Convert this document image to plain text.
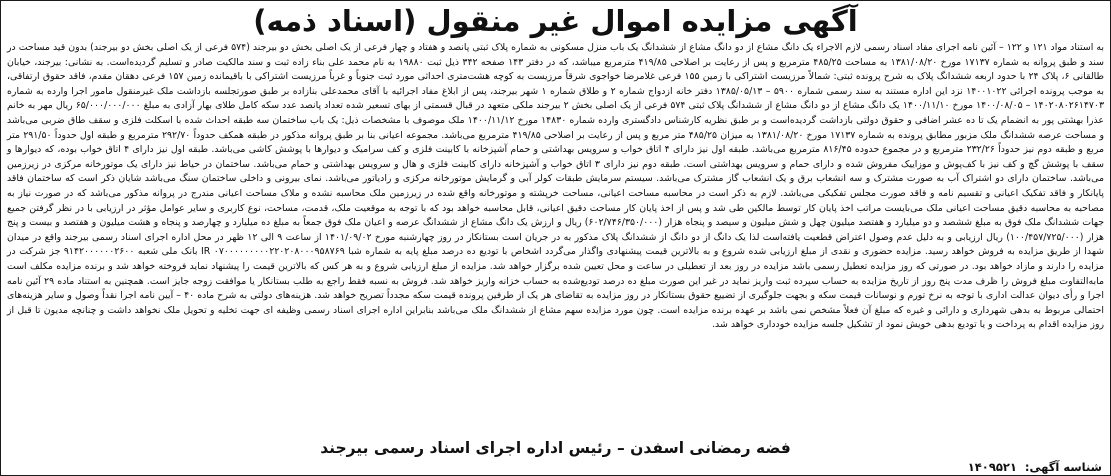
آگهی مزایده اموال غیر منقول (اسناد ذمه)

به استناد مواد ۱۲۱ و ۱۲۲ – آئین نامه اجرای مفاد اسناد رسمی لازم الاجراء یک دانگ مشاع از دو دانگ مشاع از ششدانگ یک باب منزل مسکونی به شماره پلاک ثبتی پانصد و هفتاد و چهار فرعی از یک اصلی بخش دو بیرجند (۵۷۴ فرعی از یک اصلی بخش دو بیرجند) بدون قید مساحت در سند و طبق پروانه به شماره ۱۷۱۳۷ مورخ ۱۳۸۱/۰۸/۲۰ به مساحت ۴۸۵/۲۵ مترمربع و پس از رعایت بر اصلاحی ۴۱۹/۸۵ مترمربع میباشد، که در دفتر ۱۴۳ صفحه ۳۴۲ ذیل ثبت ۱۹۸۸۰ به نام محمد علی بناء زاده ثبت و سند مالکیت صادر و تسلیم گردیده‌است. به نشانی: بیرجند، خیابان طالقانی ۶، پلاک ۲۴ با حدود اربعه ششدانگ پلاک به شرح پرونده ثبتی: شمالاً مرزیست اشتراکی با زمین ۱۵۵ فرعی غلامرضا خواجوی شرقاً مرزیست به کوچه هشت‌متری احداثی مورد ثبت جنوباً و غرباً مرزیست اشتراکی با باقیمانده زمین ۱۵۷ فرعی دهقان مقدم، فاقد حقوق ارتفاقی، به موجب پرونده اجرائی ۱۴۰۰۱۰۲۲ نزد این اداره مستند به سند رسمی شماره ۵۹۰۰ – ۱۳۸۵/۰۵/۱۳ دفتر خانه ازدواج شماره ۲ و طلاق شماره ۱ شهر بیرجند، پس از ابلاغ مفاد اجرائیه با آقای محمدعلی بنازاده بر طبق صورتجلسه بازداشت ملک غیرمنقول مامور اجرا وارده به شماره ۱۴۰۲۰۸۰۲۶۱۴۷۰۳ – ۱۴۰۰/۰۸/۰۵ مورخ ۱۴۰۰/۱۱/۱۰ یک دانگ مشاع از دو دانگ مشاع از ششدانگ پلاک ثبتی ۵۷۴ فرعی از یک اصلی بخش ۲ بیرجند ملکی متعهد در قبال قسمتی از بهای تسعیر شده تعداد پانصد عدد سکه کامل طلای بهار آزادی به مبلغ ۶۵/۰۰۰/۰۰۰/۰۰۰ ریال مهر به خانم عذرا بهشتی پور به انضمام یک تا ده عشر اضافی و حقوق دولتی بازداشت گردیده‌است و بر طبق نظریه کارشناس دادگستری وارده شماره ۱۴۸۳۰ مورخ ۱۴۰۰/۱۱/۱۲ ملک موصوف با مشخصات ذیل: یک باب ساختمان سه طبقه احداث شده با اسکلت فلزی و سقف طاق ضربی می‌باشد و مساحت عرصه ششدانگ ملک مزبور مطابق پرونده به شماره ۱۷۱۳۷ مورخ ۱۳۸۱/۰۸/۲۰ به میزان ۴۸۵/۲۵ متر مربع و پس از رعایت بر اصلاحی ۴۱۹/۸۵ مترمربع می‌باشد. مجموعه اعیانی بنا بر طبق پروانه مذکور در طبقه همکف حدوداً ۲۹۲/۷۰ مترمربع و طبقه اول حدوداً ۲۹۱/۵۰ متر مربع و طبقه دوم نیز حدوداً ۲۳۲/۲۶ مترمربع و در مجموع حدوده ۸۱۶/۴۵ مترمربع می‌باشد. طبقه اول نیز دارای ۴ اتاق خواب و سرویس بهداشتی و حمام آشپزخانه با کابینت فلزی و کف سرامیک و دیوارها با پوشش کاشی می‌باشد. طبقه اول نیز دارای ۴ اتاق خواب بوده، که دیوارها و سقف با پوشش گچ و کف نیز با کف‌پوش و موزاییک مفروش شده و دارای حمام و سرویس بهداشتی است. طبقه دوم نیز دارای ۳ اتاق خواب و آشپزخانه دارای کابینت فلزی و هال و سرویس بهداشتی و حمام می‌باشد. ساختمان در حیاط نیز دارای یک موتورخانه مرکزی در زیرزمین می‌باشد. ساختمان دارای دو اشتراک آب به صورت مشترک و سه انشعاب برق و یک انشعاب گاز مشترک می‌باشد. سیستم سرمایش طبقات کولر آبی و گرمایش موتورخانه مرکزی و رادیاتور می‌باشد. نمای بیرونی و داخلی ساختمان سنگ می‌باشد شایان ذکر است که ساختمان فاقد پایانکار و فاقد تفکیک اعیانی و تقسیم نامه و فاقد صورت مجلس تفکیکی می‌باشد. لازم به ذکر است در محاسبه مساحت اعیانی، مساحت خرپشته و موتورخانه واقع شده در زیرزمین ملک محاسبه نشده و ملاک مساحت اعیانی مندرج در پروانه مذکور می‌باشد که در صورت نیاز به مصاحبه به محاسبه دقیق مساحت اعیانی ملک می‌بایست مراتب اخذ پایان کار توسط مالکین طی شد و پس از اخذ پایان کار مساحت دقیق اعیانی، قابل محاسبه خواهد بود که با توجه به موقعیت ملک، قدمت، مساحت، نوع کاربری و سایر عوامل مؤثر در ارزیابی با در نظر گرفتن جمیع جهات ششدانگ ملک فوق به مبلغ ششصد و دو میلیارد و هفتصد میلیون چهل و شش میلیون و سیصد و پنجاه هزار (۶۰۲/۷۴۶/۳۵۰/۰۰۰) ریال و ارزش یک دانگ مشاع از ششدانگ عرصه و اعیان ملک فوق جمعاً به مبلغ ده میلیارد و چهارصد و پنجاه و هشت میلیون و هفتصد و بیست و پنج هزار (۱۰۰/۴۵۷/۷۲۵/۰۰۰) ریال ارزیابی و به دلیل عدم وصول اعتراض قطعیت یافته‌است لذا یک دانگ از دو دانگ از ششدانگ پلاک مذکور به در جریان است بستانکار در روز چهارشنبه مورخ ۱۴۰۱/۰۹/۰۲ از ساعت ۹ الی ۱۲ ظهر در محل اداره اجرای اسناد رسمی بیرجند واقع در میدان شهدا از طریق مزایده به فروش خواهد رسید. مزایده حضوری و نقدی از مبلغ ارزیابی شده شروع و به بالاترین قیمت پیشنهادی واگذار می‌گردد اشخاص با تودیع ده درصد مبلغ پایه به شماره شبا IR ۰۷۰۰۰۰۰۰۰۰۰۲۲۰۲۰۸۰۰۰۹۵۸۷۶۹ بانک ملی شعبه ۹۱۴۲۰۰۰۰۰۰۲۶۰۰ جز شرکت در مزایده را دارند و مازاد خواهد بود. در صورتی که روز مزایده تعطیل رسمی باشد مزایده در روز بعد از تعطیلی در ساعت و محل تعیین شده برگزار خواهد شد. مزایده از مبلغ ارزیابی شروع و به هر کس که بالاترین قیمت را پیشنهاد نماید فروخته خواهد شد و برنده مزایده مکلف است مابه‌التفاوت مبلغ فروش را ظرف مدت پنج روز از تاریخ مزایده به حساب سپرده ثبت واریز نماید در غیر این صورت مبلغ ده درصد تودیع‌شده به حساب خزانه واریز خواهد شد. فروش به نسبه فقط راجع به طلب بستانکار یا موافقت زوجه جایز است. همچنین به استناد ماده ۲۹ آئین نامه اجرا و رأی دیوان عدالت اداری با توجه به نرخ تورم و نوسانات قیمت سکه و بجهت جلوگیری از تضییع حقوق بستانکار در روز مزایده به تقاضای هر یک از طرفین پرونده قیمت سکه مجدداً تصریح خواهد شد. هزینه‌های دولتی به شرح ماده ۴۰ – آیین نامه اجرا نقداً وصول و سایر هزینه‌های احتمالی مربوط به بدهی شهرداری و دارائی و غیره که مبلغ آن فعلاً مشخص نمی باشد بر عهده برنده مزایده است. چون مورد مزایده سهم مشاع از ششدانگ ملک می‌باشد بنابراین اداره اجرای اسناد رسمی وظیفه ای جهت تخلیه و تحویل ملک نخواهد داشت و چنانچه مدیون تا قبل از روز مزایده اقدام به پرداخت و یا تودیع بدهی خویش نمود از تشکیل جلسه مزایده خودداری خواهد شد.

فضه رمضانی اسفدن – رئیس اداره اجرای اسناد رسمی بیرجند
شناسه آگهی: ۱۴۰۹۵۲۱
